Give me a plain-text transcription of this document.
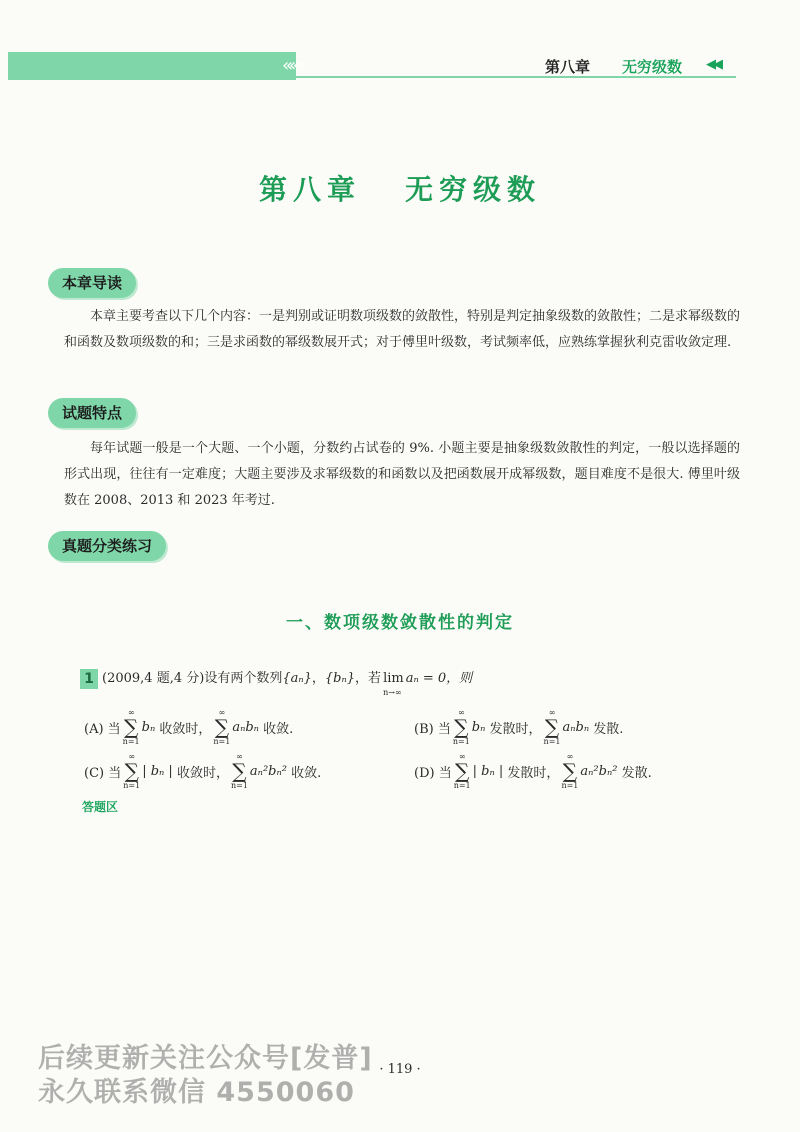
«««	第八章 无穷级数 ◀◀
第八章 无穷级数
本章导读
本章主要考查以下几个内容：一是判别或证明数项级数的敛散性，特别是判定抽象级数的敛散性；二是求幂级数的和函数及数项级数的和；三是求函数的幂级数展开式；对于傅里叶级数，考试频率低，应熟练掌握狄利克雷收敛定理.
试题特点
每年试题一般是一个大题、一个小题，分数约占试卷的 9%. 小题主要是抽象级数敛散性的判定，一般以选择题的形式出现，往往有一定难度；大题主要涉及求幂级数的和函数以及把函数展开成幂级数，题目难度不是很大. 傅里叶级数在 2008、2013 和 2023 年考过.
真题分类练习
一、数项级数敛散性的判定
1 (2009,4 题,4 分) 设有两个数列 {aₙ} ， {bₙ} ，若 lim
n→∞
aₙ = 0，则
(A) 当
∞
∑
n=1
bₙ
收敛时，
∞
∑
n=1
aₙbₙ
收敛.	(B) 当
∞
∑
n=1
bₙ
发散时，
∞
∑
n=1
aₙbₙ
发散.
(C) 当
∞
∑
n=1
| bₙ |
收敛时，
∞
∑
n=1
aₙ²bₙ²
收敛.	(D) 当
∞
∑
n=1
| bₙ |
发散时，
∞
∑
n=1
aₙ²bₙ²
发散.
答题区
· 119 ·
后续更新关注公众号[发普]
永久联系微信 4550060
